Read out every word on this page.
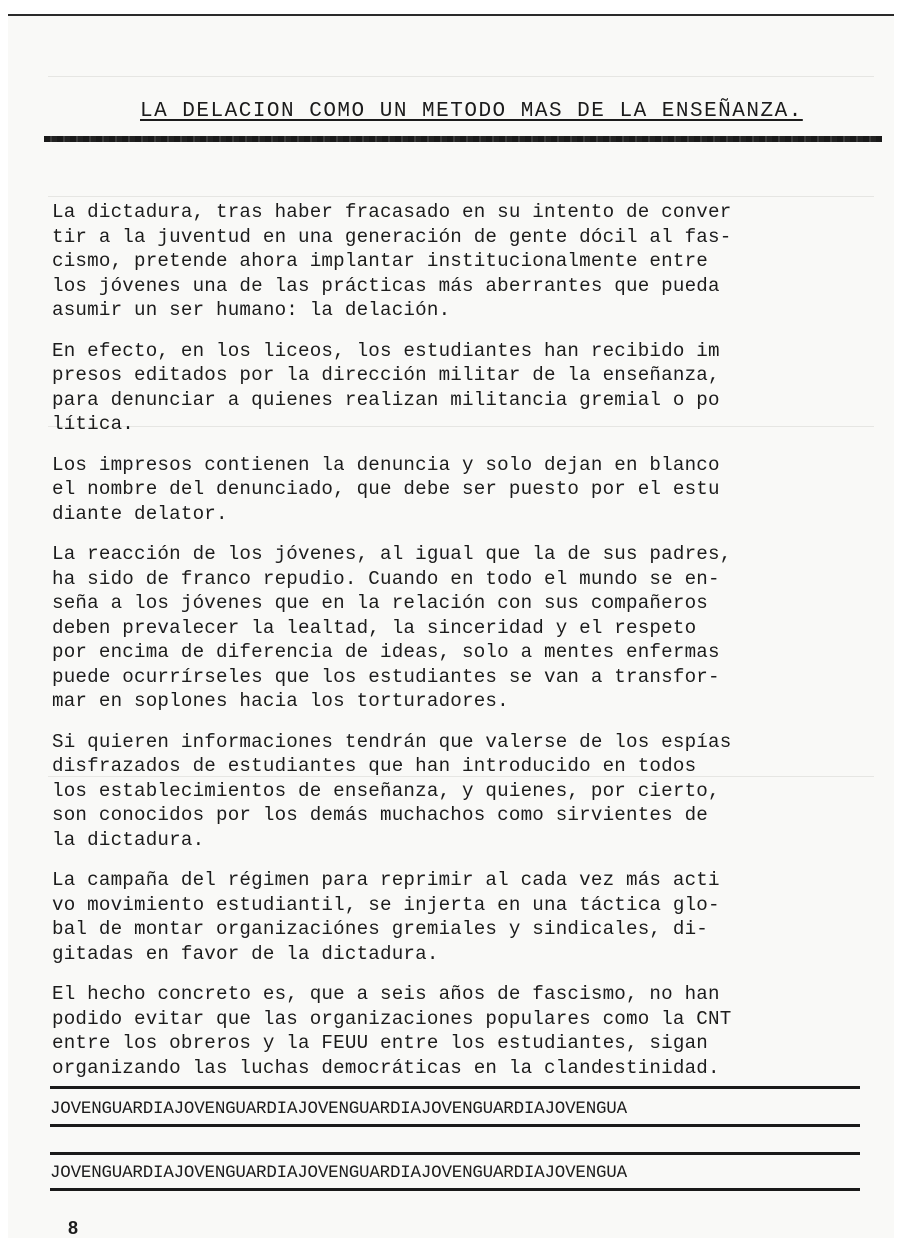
LA DELACION COMO UN METODO MAS DE LA ENSEÑANZA.
La dictadura, tras haber fracasado en su intento de conver
tir a la juventud en una generación de gente dócil al fas-
cismo, pretende ahora implantar institucionalmente entre
los jóvenes una de las prácticas más aberrantes que pueda
asumir un ser humano: la delación.
En efecto, en los liceos, los estudiantes han recibido im
presos editados por la dirección militar de la enseñanza,
para denunciar a quienes realizan militancia gremial o po
lítica.
Los impresos contienen la denuncia y solo dejan en blanco
el nombre del denunciado, que debe ser puesto por el estu
diante delator.
La reacción de los jóvenes, al igual que la de sus padres,
ha sido de franco repudio. Cuando en todo el mundo se en-
seña a los jóvenes que en la relación con sus compañeros
deben prevalecer la lealtad, la sinceridad y el respeto
por encima de diferencia de ideas, solo a mentes enfermas
puede ocurrírseles que los estudiantes se van a transfor-
mar en soplones hacia los torturadores.
Si quieren informaciones tendrán que valerse de los espías
disfrazados de estudiantes que han introducido en todos
los establecimientos de enseñanza, y quienes, por cierto,
son conocidos por los demás muchachos como sirvientes de
la dictadura.
La campaña del régimen para reprimir al cada vez más acti
vo movimiento estudiantil, se injerta en una táctica glo-
bal de montar organizaciónes gremiales y sindicales, di-
gitadas en favor de la dictadura.
El hecho concreto es, que a seis años de fascismo, no han
podido evitar que las organizaciones populares como la CNT
entre los obreros y la FEUU entre los estudiantes, sigan
organizando las luchas democráticas en la clandestinidad.
JOVENGUARDIAJOVENGUARDIAJOVENGUARDIAJOVENGUARDIAJOVENGUA
JOVENGUARDIAJOVENGUARDIAJOVENGUARDIAJOVENGUARDIAJOVENGUA
8
